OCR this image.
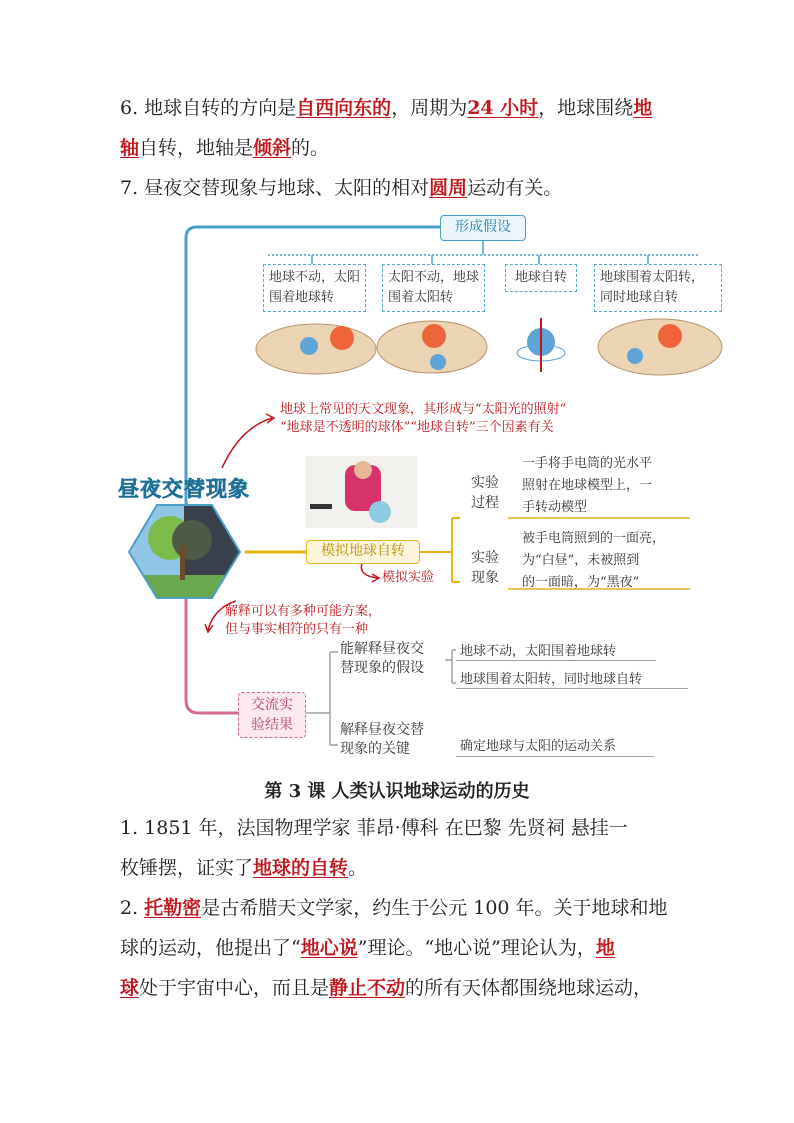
6. 地球自转的方向是自西向东的，周期为24 小时，地球围绕地
轴自转，地轴是倾斜的。
7. 昼夜交替现象与地球、太阳的相对圆周运动有关。
昼夜交替现象
形成假设
地球不动，太阳围着地球转
太阳不动，地球围着太阳转
地球自转	地球围着太阳转，同时地球自转
地球上常见的天文现象，其形成与“太阳光的照射”
“地球是不透明的球体”“地球自转”三个因素有关
模拟地球自转
模拟实验
实验过程
一手将手电筒的光水平
照射在地球模型上，一
手转动模型
实验现象
被手电筒照到的一面亮，
为“白昼”，未被照到
的一面暗，为“黑夜”
解释可以有多种可能方案，
但与事实相符的只有一种
交流实
验结果
能解释昼夜交
替现象的假设
地球不动，太阳围着地球转
地球围着太阳转，同时地球自转
解释昼夜交替
现象的关键	确定地球与太阳的运动关系
第 3 课 人类认识地球运动的历史
1. 1851 年，法国物理学家 菲昂·傅科 在巴黎 先贤祠 悬挂一
枚锤摆，证实了地球的自转。
2. 托勒密是古希腊天文学家，约生于公元 100 年。关于地球和地
球的运动，他提出了“地心说”理论。“地心说”理论认为，地
球处于宇宙中心，而且是静止不动的所有天体都围绕地球运动，
